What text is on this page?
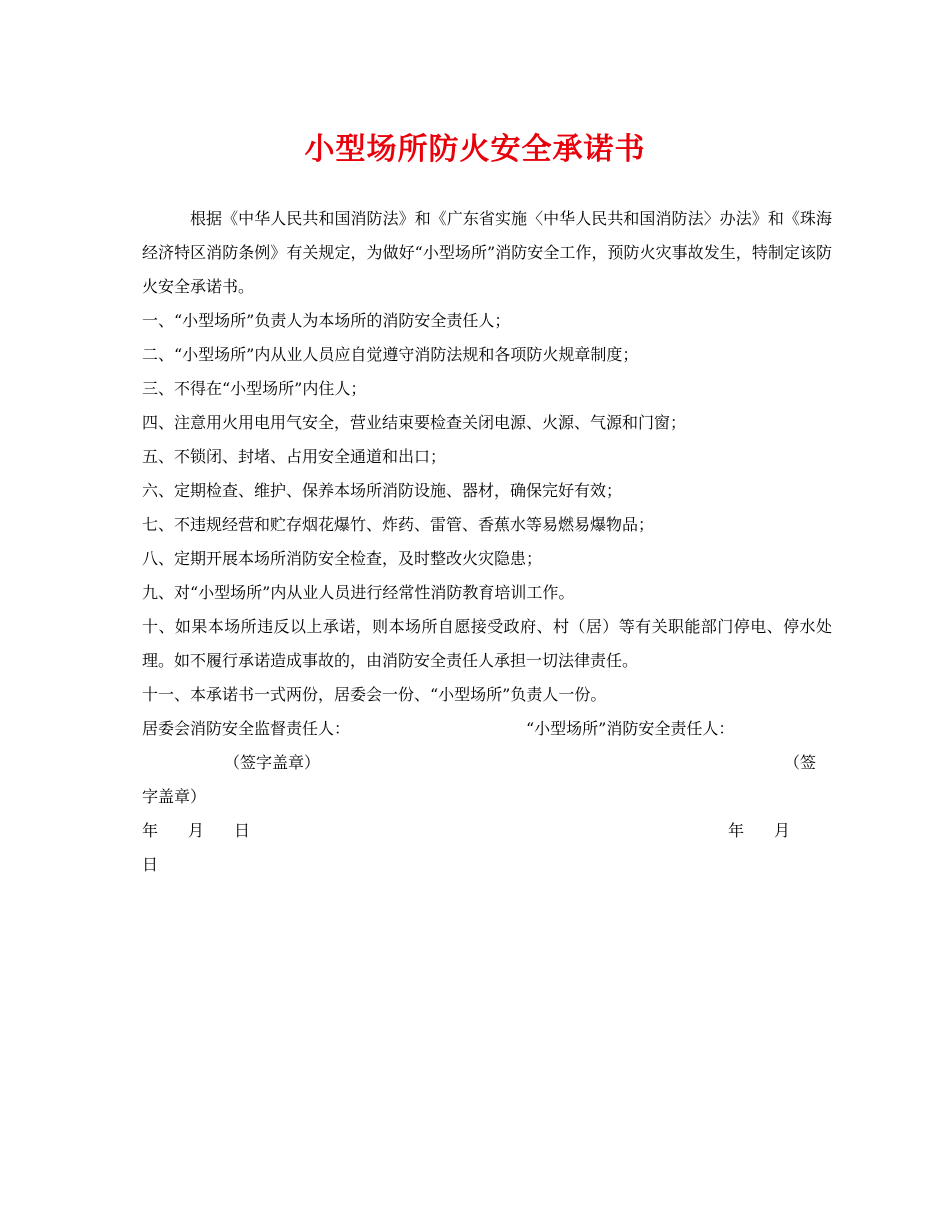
小型场所防火安全承诺书

根据《中华人民共和国消防法》和《广东省实施〈中华人民共和国消防法〉办法》和《珠海经济特区消防条例》有关规定，为做好“小型场所”消防安全工作，预防火灾事故发生，特制定该防火安全承诺书。

一、“小型场所”负责人为本场所的消防安全责任人；

二、“小型场所”内从业人员应自觉遵守消防法规和各项防火规章制度；

三、不得在“小型场所”内住人；

四、注意用火用电用气安全，营业结束要检查关闭电源、火源、气源和门窗；

五、不锁闭、封堵、占用安全通道和出口；

六、定期检查、维护、保养本场所消防设施、器材，确保完好有效；

七、不违规经营和贮存烟花爆竹、炸药、雷管、香蕉水等易燃易爆物品；

八、定期开展本场所消防安全检查，及时整改火灾隐患；

九、对“小型场所”内从业人员进行经常性消防教育培训工作。

十、如果本场所违反以上承诺，则本场所自愿接受政府、村（居）等有关职能部门停电、停水处理。如不履行承诺造成事故的，由消防安全责任人承担一切法律责任。

十一、本承诺书一式两份，居委会一份、“小型场所”负责人一份。

居委会消防安全监督责任人：	“小型场所”消防安全责任人：
（签字盖章）	（签
字盖章）
年 月 日	年 月
日
